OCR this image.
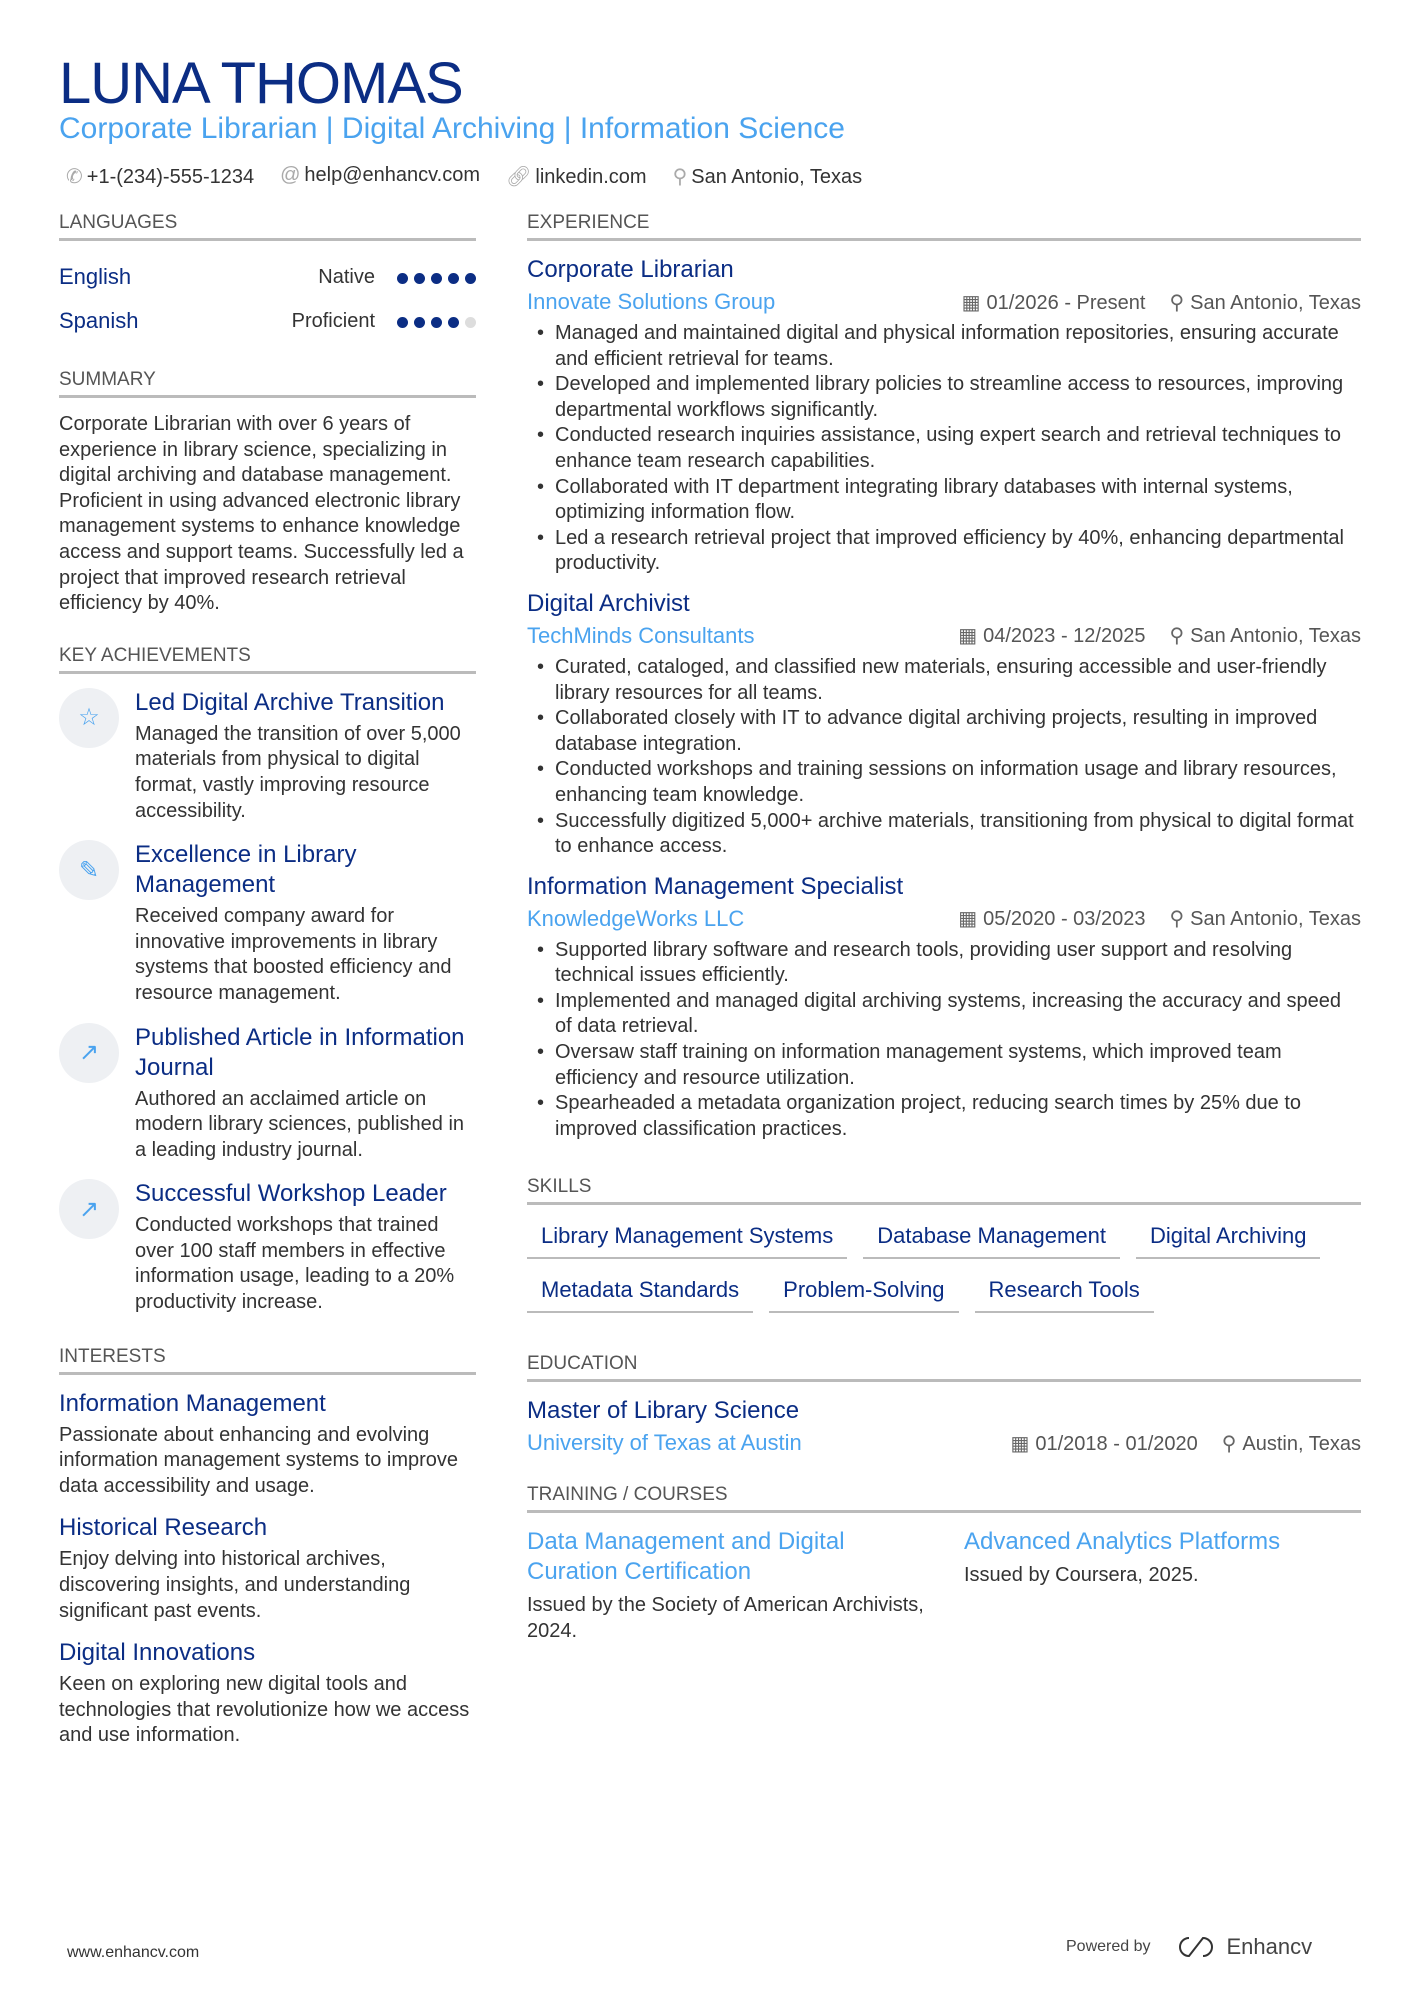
LUNA THOMAS
Corporate Librarian | Digital Archiving | Information Science
✆ +1-(234)-555-1234 @ help@enhancv.com 🔗︎ linkedin.com ⚲ San Antonio, Texas
LANGUAGES
English	Native
Spanish	Proficient
SUMMARY
Corporate Librarian with over 6 years of experience in library science, specializing in digital archiving and database management. Proficient in using advanced electronic library management systems to enhance knowledge access and support teams. Successfully led a project that improved research retrieval efficiency by 40%.
KEY ACHIEVEMENTS
☆
Led Digital Archive Transition
Managed the transition of over 5,000 materials from physical to digital format, vastly improving resource accessibility.
✎
Excellence in Library Management
Received company award for innovative improvements in library systems that boosted efficiency and resource management.
↗
Published Article in Information Journal
Authored an acclaimed article on modern library sciences, published in a leading industry journal.
↗
Successful Workshop Leader
Conducted workshops that trained over 100 staff members in effective information usage, leading to a 20% productivity increase.
INTERESTS
Information Management
Passionate about enhancing and evolving information management systems to improve data accessibility and usage.
Historical Research
Enjoy delving into historical archives, discovering insights, and understanding significant past events.
Digital Innovations
Keen on exploring new digital tools and technologies that revolutionize how we access and use information.
EXPERIENCE
Corporate Librarian
Innovate Solutions Group	▦ 01/2026 - Present ⚲ San Antonio, Texas
• Managed and maintained digital and physical information repositories, ensuring accurate and efficient retrieval for teams.
• Developed and implemented library policies to streamline access to resources, improving departmental workflows significantly.
• Conducted research inquiries assistance, using expert search and retrieval techniques to enhance team research capabilities.
• Collaborated with IT department integrating library databases with internal systems, optimizing information flow.
• Led a research retrieval project that improved efficiency by 40%, enhancing departmental productivity.
Digital Archivist
TechMinds Consultants	▦ 04/2023 - 12/2025 ⚲ San Antonio, Texas
• Curated, cataloged, and classified new materials, ensuring accessible and user-friendly library resources for all teams.
• Collaborated closely with IT to advance digital archiving projects, resulting in improved database integration.
• Conducted workshops and training sessions on information usage and library resources, enhancing team knowledge.
• Successfully digitized 5,000+ archive materials, transitioning from physical to digital format to enhance access.
Information Management Specialist
KnowledgeWorks LLC	▦ 05/2020 - 03/2023 ⚲ San Antonio, Texas
• Supported library software and research tools, providing user support and resolving technical issues efficiently.
• Implemented and managed digital archiving systems, increasing the accuracy and speed of data retrieval.
• Oversaw staff training on information management systems, which improved team efficiency and resource utilization.
• Spearheaded a metadata organization project, reducing search times by 25% due to improved classification practices.
SKILLS
Library Management Systems	Database Management	Digital Archiving
Metadata Standards	Problem-Solving	Research Tools
EDUCATION
Master of Library Science
University of Texas at Austin	▦ 01/2018 - 01/2020 ⚲ Austin, Texas
TRAINING / COURSES
Data Management and Digital Curation Certification
Issued by the Society of American Archivists, 2024.
Advanced Analytics Platforms
Issued by Coursera, 2025.
www.enhancv.com	Powered by	Enhancv
